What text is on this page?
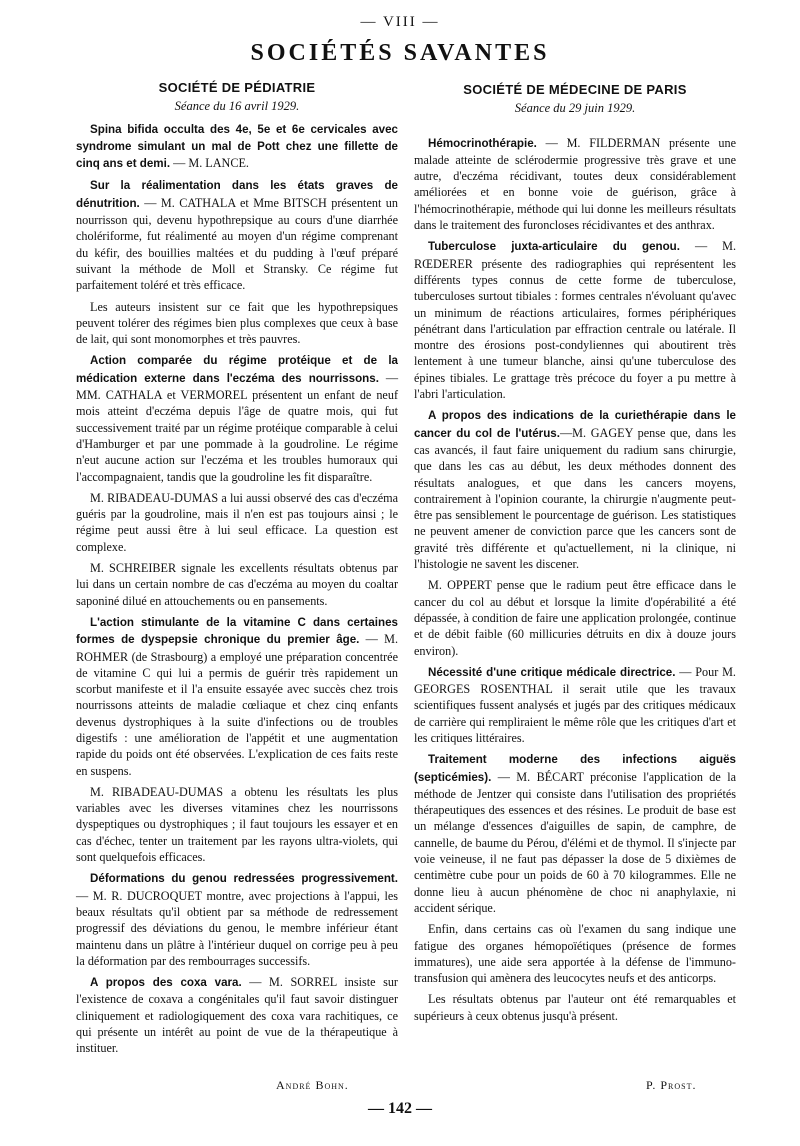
— VIII —
SOCIÉTÉS SAVANTES
SOCIÉTÉ DE PÉDIATRIE
Séance du 16 avril 1929.

Spina bifida occulta des 4e, 5e et 6e cervicales avec syndrome simulant un mal de Pott chez une fillette de cinq ans et demi. — M. LANCE.

Sur la réalimentation dans les états graves de dénutrition. — M. CATHALA et Mme BITSCH présentent un nourrisson qui, devenu hypothrepsique au cours d'une diarrhée cholériforme, fut réalimenté au moyen d'un régime comprenant du kéfir, des bouillies maltées et du pudding à l'œuf préparé suivant la méthode de Moll et Stransky. Ce régime fut parfaitement toléré et très efficace.

Les auteurs insistent sur ce fait que les hypothrepsiques peuvent tolérer des régimes bien plus complexes que ceux à base de lait, qui sont monomorphes et très pauvres.

Action comparée du régime protéique et de la médication externe dans l'eczéma des nourrissons. — MM. CATHALA et VERMOREL présentent un enfant de neuf mois atteint d'eczéma depuis l'âge de quatre mois, qui fut successivement traité par un régime protéique comparable à celui d'Hamburger et par une pommade à la goudroline. Le régime n'eut aucune action sur l'eczéma et les troubles humoraux qui l'accompagnaient, tandis que la goudroline les fit disparaître.

M. RIBADEAU-DUMAS a lui aussi observé des cas d'eczéma guéris par la goudroline, mais il n'en est pas toujours ainsi ; le régime peut aussi être à lui seul efficace. La question est complexe.

M. SCHREIBER signale les excellents résultats obtenus par lui dans un certain nombre de cas d'eczéma au moyen du coaltar saponiné dilué en attouchements ou en pansements.

L'action stimulante de la vitamine C dans certaines formes de dyspepsie chronique du premier âge. — M. ROHMER (de Strasbourg) a employé une préparation concentrée de vitamine C qui lui a permis de guérir très rapidement un scorbut manifeste et il l'a ensuite essayée avec succès chez trois nourrissons atteints de maladie cœliaque et chez cinq enfants devenus dystrophiques à la suite d'infections ou de troubles digestifs : une amélioration de l'appétit et une augmentation rapide du poids ont été observées. L'explication de ces faits reste en suspens.

M. RIBADEAU-DUMAS a obtenu les résultats les plus variables avec les diverses vitamines chez les nourrissons dyspeptiques ou dystrophiques ; il faut toujours les essayer et en cas d'échec, tenter un traitement par les rayons ultra-violets, qui sont quelquefois efficaces.

Déformations du genou redressées progressivement. — M. R. DUCROQUET montre, avec projections à l'appui, les beaux résultats qu'il obtient par sa méthode de redressement progressif des déviations du genou, le membre inférieur étant maintenu dans un plâtre à l'intérieur duquel on corrige peu à peu la déformation par des rembourrages successifs.

A propos des coxa vara. — M. SORREL insiste sur l'existence de coxava a congénitales qu'il faut savoir distinguer cliniquement et radiologiquement des coxa vara rachitiques, ce qui présente un intérêt au point de vue de la thérapeutique à instituer.

SOCIÉTÉ DE MÉDECINE DE PARIS
Séance du 29 juin 1929.

Hémocrinothérapie. — M. FILDERMAN présente une malade atteinte de sclérodermie progressive très grave et une autre, d'eczéma récidivant, toutes deux considérablement améliorées et en bonne voie de guérison, grâce à l'hémocrinothérapie, méthode qui lui donne les meilleurs résultats dans le traitement des furoncloses récidivantes et des anthrax.

Tuberculose juxta-articulaire du genou. — M. RŒDERER présente des radiographies qui représentent les différents types connus de cette forme de tuberculose, tuberculoses surtout tibiales : formes centrales n'évoluant qu'avec un minimum de réactions articulaires, formes périphériques pénétrant dans l'articulation par effraction centrale ou latérale. Il montre des érosions post-condyliennes qui aboutirent très lentement à une tumeur blanche, ainsi qu'une tuberculose des épines tibiales. Le grattage très précoce du foyer a pu mettre à l'abri l'articulation.

A propos des indications de la curiethérapie dans le cancer du col de l'utérus.—M. GAGEY pense que, dans les cas avancés, il faut faire uniquement du radium sans chirurgie, que dans les cas au début, les deux méthodes donnent des résultats analogues, et que dans les cancers moyens, contrairement à l'opinion courante, la chirurgie n'augmente peut-être pas sensiblement le pourcentage de guérison. Les statistiques ne peuvent amener de conviction parce que les cancers sont de gravité très différente et qu'actuellement, ni la clinique, ni l'histologie ne savent les discener.

M. OPPERT pense que le radium peut être efficace dans le cancer du col au début et lorsque la limite d'opérabilité a été dépassée, à condition de faire une application prolongée, continue et de débit faible (60 millicuries détruits en dix à douze jours environ).

Nécessité d'une critique médicale directrice. — Pour M. GEORGES ROSENTHAL il serait utile que les travaux scientifiques fussent analysés et jugés par des critiques médicaux de carrière qui rempliraient le même rôle que les critiques d'art et les critiques littéraires.

Traitement moderne des infections aiguës (septicémies). — M. BÉCART préconise l'application de la méthode de Jentzer qui consiste dans l'utilisation des propriétés thérapeutiques des essences et des résines. Le produit de base est un mélange d'essences d'aiguilles de sapin, de camphre, de cannelle, de baume du Pérou, d'élémi et de thymol. Il s'injecte par voie veineuse, il ne faut pas dépasser la dose de 5 dixièmes de centimètre cube pour un poids de 60 à 70 kilogrammes. Elle ne donne lieu à aucun phénomène de choc ni anaphylaxie, ni accident sérique.

Enfin, dans certains cas où l'examen du sang indique une fatigue des organes hémopoïétiques (présence de formes immatures), une aide sera apportée à la défense de l'immuno-transfusion qui amènera des leucocytes neufs et des anticorps.

Les résultats obtenus par l'auteur ont été remarquables et supérieurs à ceux obtenus jusqu'à présent.

André Bohn.	P. Prost.
— 142 —
